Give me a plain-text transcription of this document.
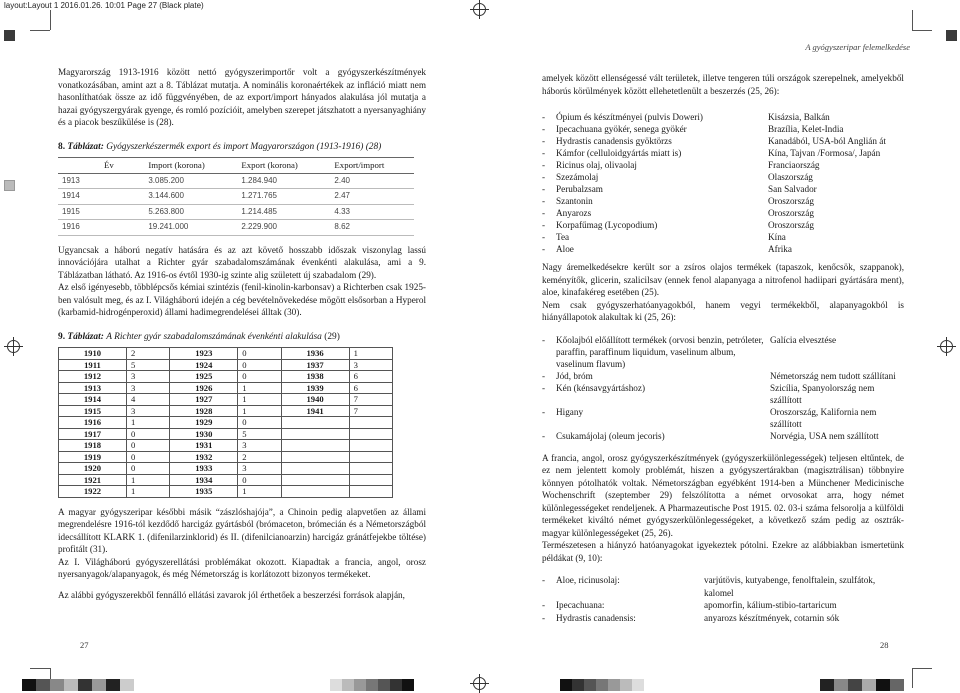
layout:Layout 1 2016.01.26. 10:01 Page 27 (Black plate)
A gyógyszeripar felemelkedése

Magyarország 1913-1916 között nettó gyógyszerimportőr volt a gyógyszerkészítmények vonatkozásában, amint azt a 8. Táblázat mutatja. A nominális koronaértékek az infláció miatt nem hasonlíthatóak össze az idő függvényében, de az export/import hányados alakulása jól mutatja a hazai gyógyszergyárak gyenge, és romló pozícióit, amelyben szerepet játszhatott a nyersanyaghiány és a piacok beszűkülése is (28).

8. Táblázat: Gyógyszerkészermék export és import Magyarországon (1913-1916) (28)
Év	Import (korona)	Export (korona)	Export/import
1913	3.085.200	1.284.940	2.40
1914	3.144.600	1.271.765	2.47
1915	5.263.800	1.214.485	4.33
1916	19.241.000	2.229.900	8.62

Ugyancsak a háború negatív hatására és az azt követő hosszabb időszak viszonylag lassú innovációjára utalhat a Richter gyár szabadalomszámának évenkénti alakulása, ami a 9. Táblázatban látható. Az 1916-os évtől 1930-ig szinte alig született új szabadalom (29).

Az első igényesebb, többlépcsős kémiai szintézis (fenil-kinolin-karbonsav) a Richterben csak 1925-ben valósult meg, és az I. Világháború idején a cég bevételnövekedése mögött elsősorban a Hyperol (karbamid-hidrogénperoxid) állami hadimegrendelései álltak (30).

9. Táblázat: A Richter gyár szabadalomszámának évenkénti alakulása (29)
1910	2	1923	0	1936	1
1911	5	1924	0	1937	3
1912	3	1925	0	1938	6
1913	3	1926	1	1939	6
1914	4	1927	1	1940	7
1915	3	1928	1	1941	7
1916	1	1929	0		
1917	0	1930	5		
1918	0	1931	3		
1919	0	1932	2		
1920	0	1933	3		
1921	1	1934	0		
1922	1	1935	1		

A magyar gyógyszeripar későbbi másik “zászlóshajója”, a Chinoin pedig alapvetően az állami megrendelésre 1916-tól kezdődő harcigáz gyártásból (brómaceton, brómecián és a Németországból idecsállított KLARK 1. (difenilarzinklorid) és II. (difenilcianoarzin) harcigáz gránátfejekbe töltése) profitált (31).

Az I. Világháború gyógyszerellátási problémákat okozott. Kiapadtak a francia, angol, orosz nyersanyagok/alapanyagok, és még Németország is korlátozott bizonyos termékeket.

Az alábbi gyógyszerekből fennálló ellátási zavarok jól érthetőek a beszerzési források alapján,

amelyek között ellenségessé vált területek, illetve tengeren túli országok szerepelnek, amelyekből háborús körülmények között ellehetetlenült a beszerzés (25, 26):

-	Ópium és készítményei (pulvis Doweri)	Kisázsia, Balkán
-	Ipecachuana gyökér, senega gyökér	Brazília, Kelet-India
-	Hydrastis canadensis gyöktörzs	Kanadából, USA-ból Anglián át
-	Kámfor (celluloidgyártás miatt is)	Kína, Tajvan /Formosa/, Japán
-	Ricinus olaj, olivaolaj	Franciaország
-	Szezámolaj	Olaszország
-	Perubalzsam	San Salvador
-	Szantonin	Oroszország
-	Anyarozs	Oroszország
-	Korpafűmag (Lycopodium)	Oroszország
-	Tea	Kína
-	Aloe	Afrika

Nagy áremelkedésekre került sor a zsíros olajos termékek (tapaszok, kenőcsök, szappanok), keményítők, glicerin, szalicilsav (ennek fenol alapanyaga a nitrofenol hadiipari gyártására ment), aloe, kinafakéreg esetében (25).

Nem csak gyógyszerhatóanyagokból, hanem vegyi termékekből, alapanyagokból is hiányállapotok alakultak ki (25, 26):

-	Kőolajból előállított termékek (orvosi benzin, petróleter, paraffin, paraffinum liquidum, vaselinum album, vaselinum flavum)
Galícia elvesztése
-	Jód, bróm	Németország nem tudott szállítani
-	Kén (kénsavgyártáshoz)	Szicília, Spanyolország nem szállított
-	Higany	Oroszország, Kalifornia nem szállított
-	Csukamájolaj (oleum jecoris)	Norvégia, USA nem szállított

A francia, angol, orosz gyógyszerkészítmények (gyógyszerkülönlegességek) teljesen eltűntek, de ez nem jelentett komoly problémát, hiszen a gyógyszertárakban (magisztrálisan) többnyire könnyen pótolhatók voltak. Németországban egyébként 1914-ben a Münchener Medicinische Wochenschrift (szeptember 29) felszólította a német orvosokat arra, hogy német különlegességeket rendeljenek. A Pharmazeutische Post 1915. 02. 03-i száma felsorolja a külföldi termékeket kiváltó német gyógyszerkülönlegességeket, a következő szám pedig az osztrák-magyar különlegességeket (25, 26).

Természetesen a hiányzó hatóanyagokat igyekeztek pótolni. Ezekre az alábbiakban ismertetünk példákat (9, 10):

-	Aloe, ricinusolaj:	varjútövis, kutyabenge, fenolftalein, szulfátok, kalomel
-	Ipecachuana:	apomorfin, kálium-stibio-tartaricum
-	Hydrastis canadensis:	anyarozs készítmények, cotarnin sók
27	28
